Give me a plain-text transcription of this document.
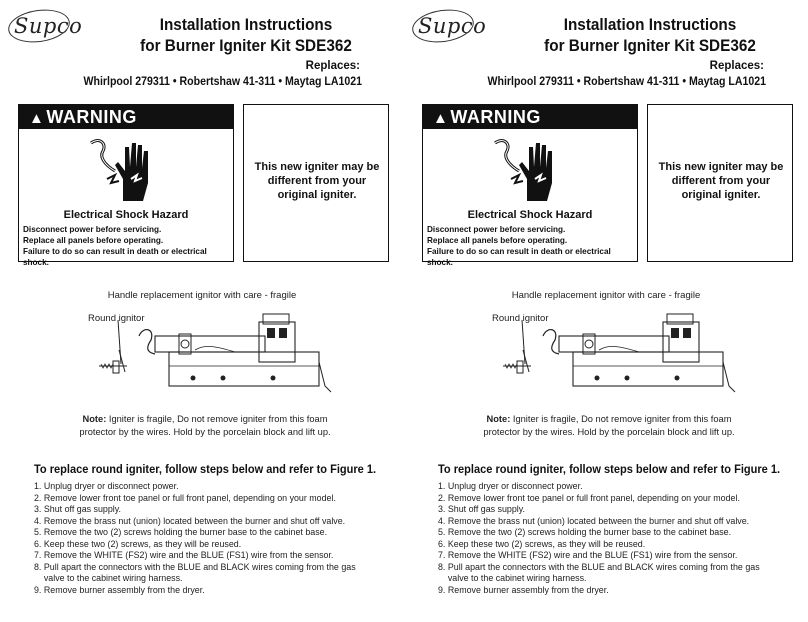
Supco	Installation Instructions
for Burner Igniter Kit SDE362
Replaces:
Whirlpool 279311 • Robertshaw 41-311 • Maytag LA1021
▲ WARNING
Electrical Shock Hazard
Disconnect power before servicing.
Replace all panels before operating.
Failure to do so can result in death or electrical shock.
This new igniter may be different from your original igniter.
Handle replacement ignitor with care - fragile
Round ignitor
Note: Igniter is fragile, Do not remove igniter from this foam
protector by the wires. Hold by the porcelain block and lift up.
To replace round igniter, follow steps below and refer to Figure 1.
1. Unplug dryer or disconnect power.
2. Remove lower front toe panel or full front panel, depending on your model.
3. Shut off gas supply.
4. Remove the brass nut (union) located between the burner and shut off valve.
5. Remove the two (2) screws holding the burner base to the cabinet base.
6. Keep these two (2) screws, as they will be reused.
7. Remove the WHITE (FS2) wire and the BLUE (FS1) wire from the sensor.
8. Pull apart the connectors with the BLUE and BLACK wires coming from the gas
valve to the cabinet wiring harness.
9. Remove burner assembly from the dryer.
Supco	Installation Instructions
for Burner Igniter Kit SDE362
Replaces:
Whirlpool 279311 • Robertshaw 41-311 • Maytag LA1021
▲ WARNING
Electrical Shock Hazard
Disconnect power before servicing.
Replace all panels before operating.
Failure to do so can result in death or electrical shock.
This new igniter may be different from your original igniter.
Handle replacement ignitor with care - fragile
Round ignitor
Note: Igniter is fragile, Do not remove igniter from this foam
protector by the wires. Hold by the porcelain block and lift up.
To replace round igniter, follow steps below and refer to Figure 1.
1. Unplug dryer or disconnect power.
2. Remove lower front toe panel or full front panel, depending on your model.
3. Shut off gas supply.
4. Remove the brass nut (union) located between the burner and shut off valve.
5. Remove the two (2) screws holding the burner base to the cabinet base.
6. Keep these two (2) screws, as they will be reused.
7. Remove the WHITE (FS2) wire and the BLUE (FS1) wire from the sensor.
8. Pull apart the connectors with the BLUE and BLACK wires coming from the gas
valve to the cabinet wiring harness.
9. Remove burner assembly from the dryer.
